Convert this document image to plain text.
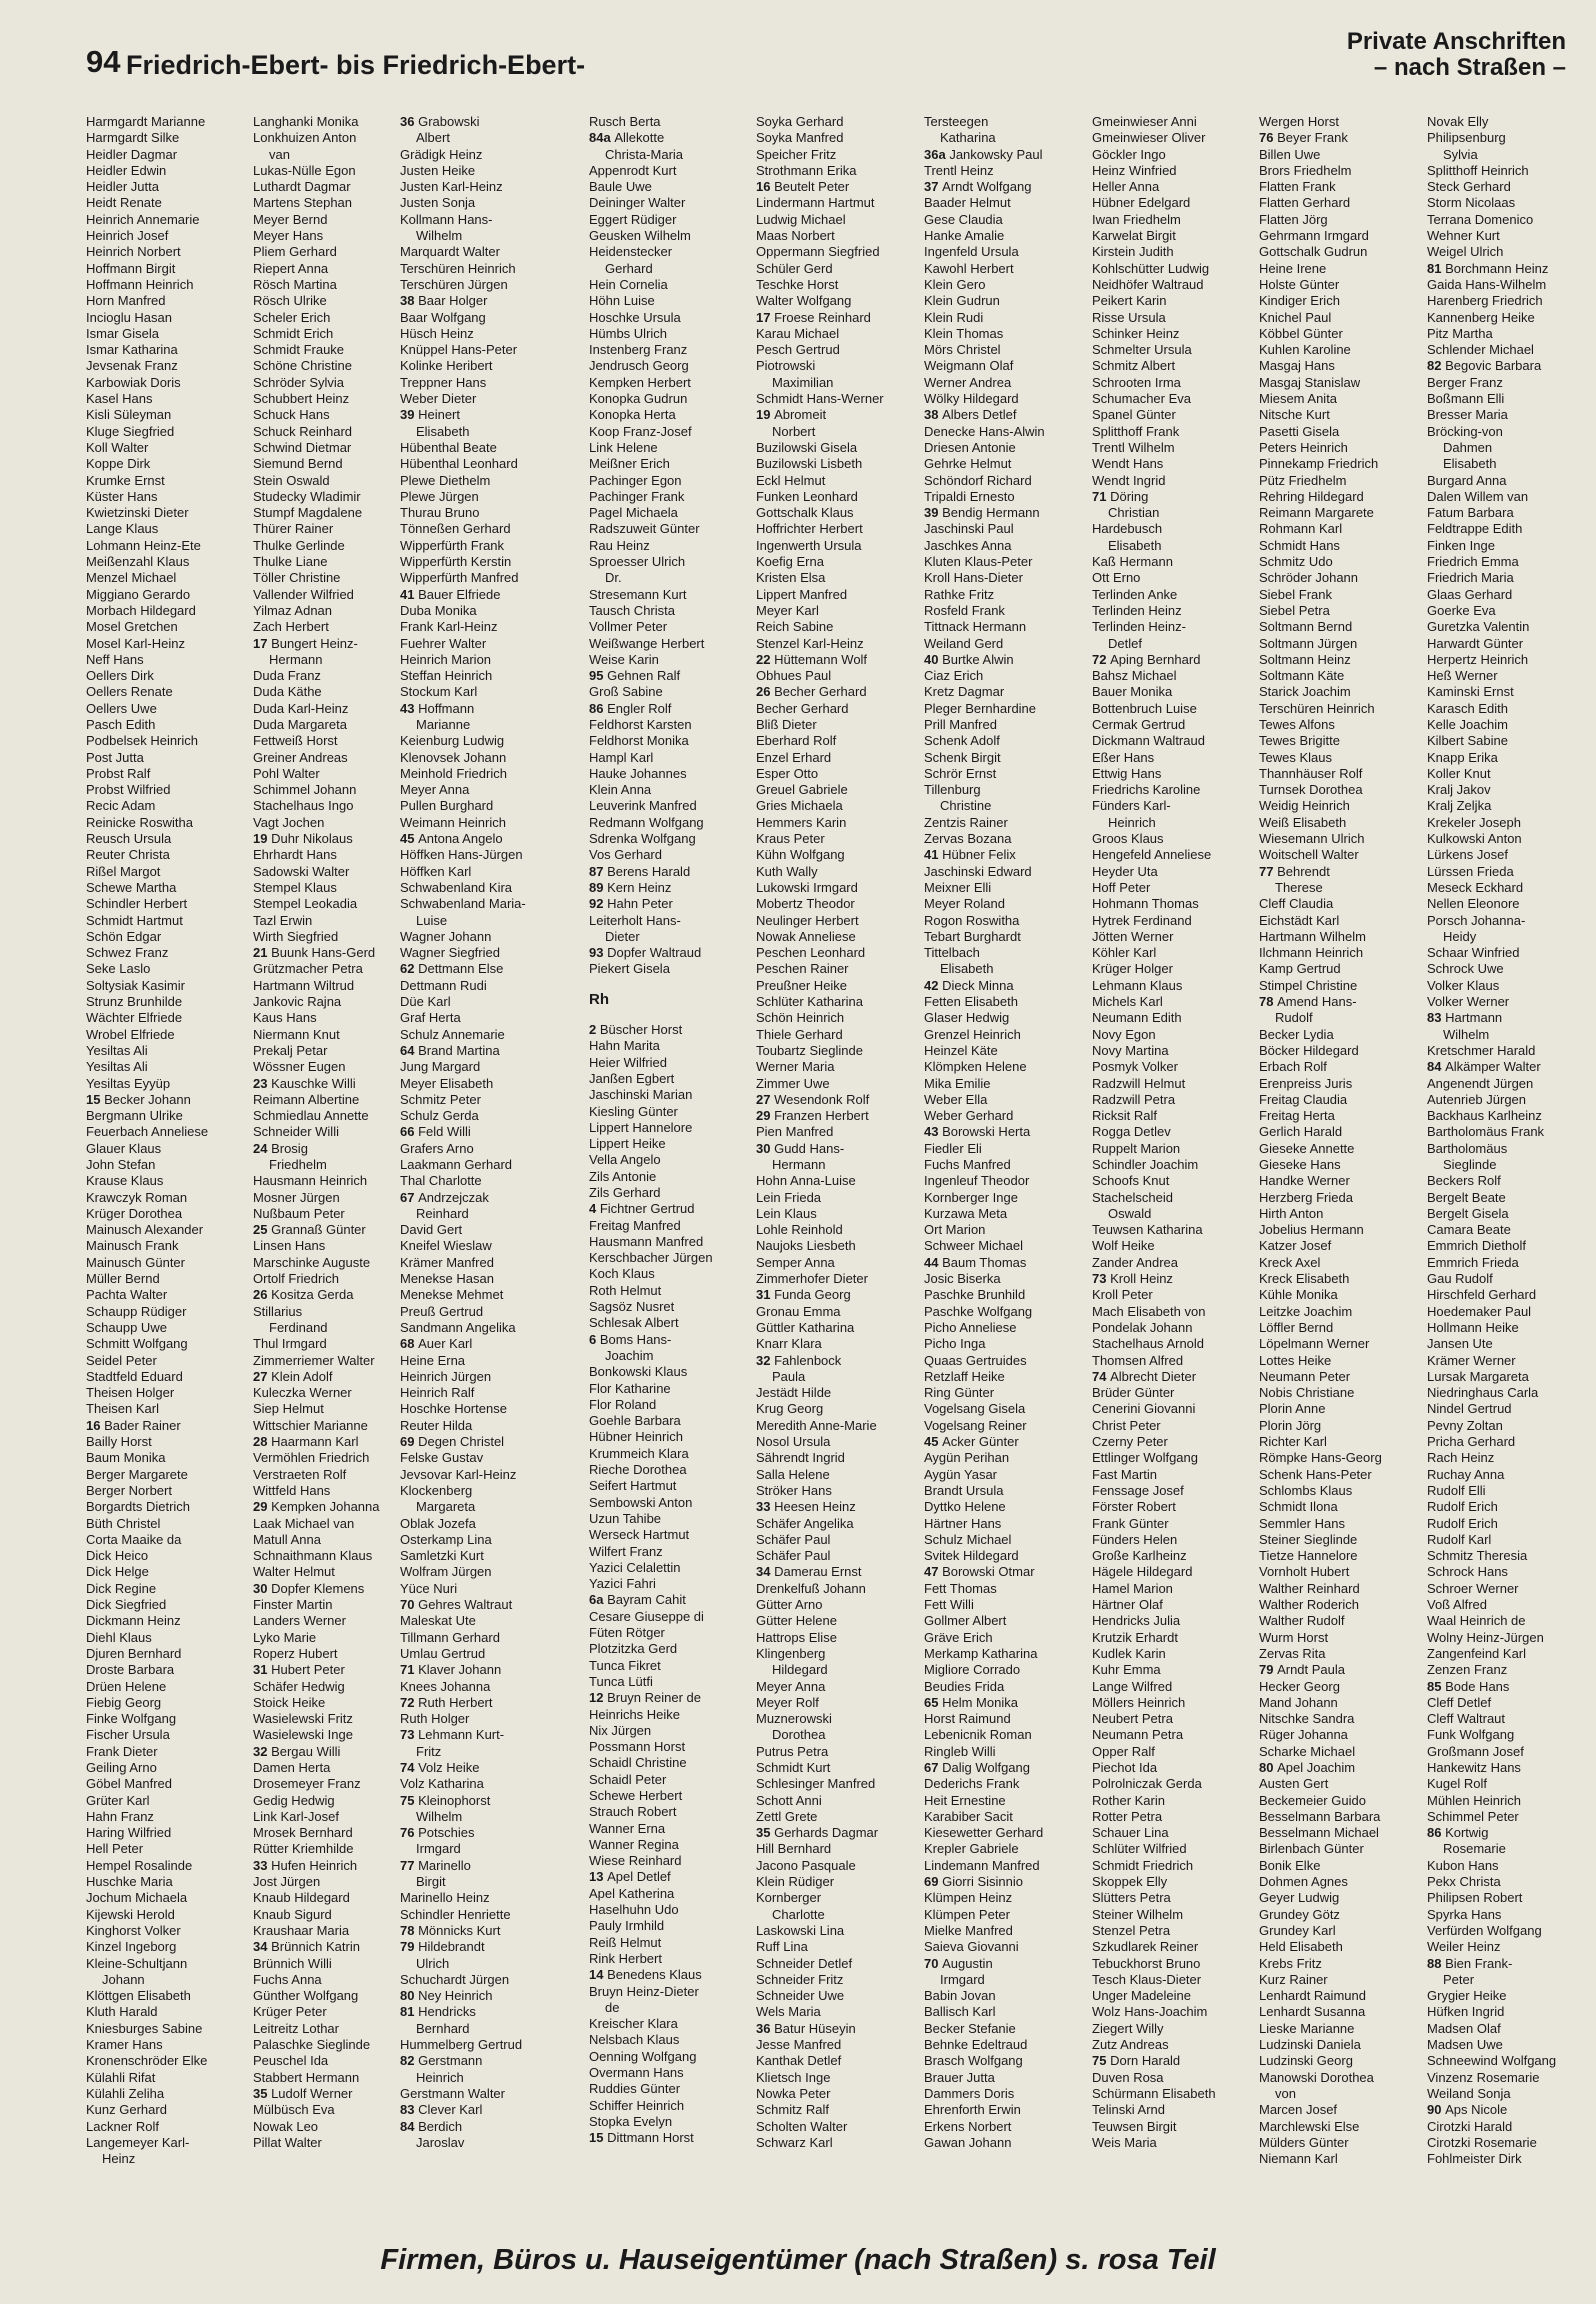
94 Friedrich-Ebert- bis Friedrich-Ebert-
Private Anschriften
– nach Straßen –
Harmgardt Marianne
Harmgardt Silke
Heidler Dagmar
Heidler Edwin
Heidler Jutta
Heidt Renate
Heinrich Annemarie
Heinrich Josef
Heinrich Norbert
Hoffmann Birgit
Hoffmann Heinrich
Horn Manfred
Incioglu Hasan
Ismar Gisela
Ismar Katharina
Jevsenak Franz
Karbowiak Doris
Kasel Hans
Kisli Süleyman
Kluge Siegfried
Koll Walter
Koppe Dirk
Krumke Ernst
Küster Hans
Kwietzinski Dieter
Lange Klaus
Lohmann Heinz-Ete
Meißenzahl Klaus
Menzel Michael
Miggiano Gerardo
Morbach Hildegard
Mosel Gretchen
Mosel Karl-Heinz
Neff Hans
Oellers Dirk
Oellers Renate
Oellers Uwe
Pasch Edith
Podbelsek Heinrich
Post Jutta
Probst Ralf
Probst Wilfried
Recic Adam
Reinicke Roswitha
Reusch Ursula
Reuter Christa
Rißel Margot
Schewe Martha
Schindler Herbert
Schmidt Hartmut
Schön Edgar
Schwez Franz
Seke Laslo
Soltysiak Kasimir
Strunz Brunhilde
Wächter Elfriede
Wrobel Elfriede
Yesiltas Ali
Yesiltas Ali
Yesiltas Eyyüp
15 Becker Johann
Bergmann Ulrike
Feuerbach Anneliese
Glauer Klaus
John Stefan
Krause Klaus
Krawczyk Roman
Krüger Dorothea
Mainusch Alexander
Mainusch Frank
Mainusch Günter
Müller Bernd
Pachta Walter
Schaupp Rüdiger
Schaupp Uwe
Schmitt Wolfgang
Seidel Peter
Stadtfeld Eduard
Theisen Holger
Theisen Karl
16 Bader Rainer
Bailly Horst
Baum Monika
Berger Margarete
Berger Norbert
Borgardts Dietrich
Büth Christel
Corta Maaike da
Dick Heico
Dick Helge
Dick Regine
Dick Siegfried
Dickmann Heinz
Diehl Klaus
Djuren Bernhard
Droste Barbara
Drüen Helene
Fiebig Georg
Finke Wolfgang
Fischer Ursula
Frank Dieter
Geiling Arno
Göbel Manfred
Grüter Karl
Hahn Franz
Haring Wilfried
Hell Peter
Hempel Rosalinde
Huschke Maria
Jochum Michaela
Kijewski Herold
Kinghorst Volker
Kinzel Ingeborg
Kleine-Schultjann
Johann
Klöttgen Elisabeth
Kluth Harald
Kniesburges Sabine
Kramer Hans
Kronenschröder Elke
Külahli Rifat
Külahli Zeliha
Kunz Gerhard
Lackner Rolf
Langemeyer Karl-
Heinz
Langhanki Monika
Lonkhuizen Anton
van
Lukas-Nülle Egon
Luthardt Dagmar
Martens Stephan
Meyer Bernd
Meyer Hans
Pliem Gerhard
Riepert Anna
Rösch Martina
Rösch Ulrike
Scheler Erich
Schmidt Erich
Schmidt Frauke
Schöne Christine
Schröder Sylvia
Schubbert Heinz
Schuck Hans
Schuck Reinhard
Schwind Dietmar
Siemund Bernd
Stein Oswald
Studecky Wladimir
Stumpf Magdalene
Thürer Rainer
Thulke Gerlinde
Thulke Liane
Töller Christine
Vallender Wilfried
Yilmaz Adnan
Zach Herbert
17 Bungert Heinz-
Hermann
Duda Franz
Duda Käthe
Duda Karl-Heinz
Duda Margareta
Fettweiß Horst
Greiner Andreas
Pohl Walter
Schimmel Johann
Stachelhaus Ingo
Vagt Jochen
19 Duhr Nikolaus
Ehrhardt Hans
Sadowski Walter
Stempel Klaus
Stempel Leokadia
Tazl Erwin
Wirth Siegfried
21 Buunk Hans-Gerd
Grützmacher Petra
Hartmann Wiltrud
Jankovic Rajna
Kaus Hans
Niermann Knut
Prekalj Petar
Wössner Eugen
23 Kauschke Willi
Reimann Albertine
Schmiedlau Annette
Schneider Willi
24 Brosig
Friedhelm
Hausmann Heinrich
Mosner Jürgen
Nußbaum Peter
25 Grannaß Günter
Linsen Hans
Marschinke Auguste
Ortolf Friedrich
26 Kositza Gerda
Stillarius
Ferdinand
Thul Irmgard
Zimmerriemer Walter
27 Klein Adolf
Kuleczka Werner
Siep Helmut
Wittschier Marianne
28 Haarmann Karl
Vermöhlen Friedrich
Verstraeten Rolf
Wittfeld Hans
29 Kempken Johanna
Laak Michael van
Matull Anna
Schnaithmann Klaus
Walter Helmut
30 Dopfer Klemens
Finster Martin
Landers Werner
Lyko Marie
Roperz Hubert
31 Hubert Peter
Schäfer Hedwig
Stoick Heike
Wasielewski Fritz
Wasielewski Inge
32 Bergau Willi
Damen Herta
Drosemeyer Franz
Gedig Hedwig
Link Karl-Josef
Mrosek Bernhard
Rütter Kriemhilde
33 Hufen Heinrich
Jost Jürgen
Knaub Hildegard
Knaub Sigurd
Kraushaar Maria
34 Brünnich Katrin
Brünnich Willi
Fuchs Anna
Günther Wolfgang
Krüger Peter
Leitreitz Lothar
Palaschke Sieglinde
Peuschel Ida
Stabbert Hermann
35 Ludolf Werner
Mülbüsch Eva
Nowak Leo
Pillat Walter
36 Grabowski
Albert
Grädigk Heinz
Justen Heike
Justen Karl-Heinz
Justen Sonja
Kollmann Hans-
Wilhelm
Marquardt Walter
Terschüren Heinrich
Terschüren Jürgen
38 Baar Holger
Baar Wolfgang
Hüsch Heinz
Knüppel Hans-Peter
Kolinke Heribert
Treppner Hans
Weber Dieter
39 Heinert
Elisabeth
Hübenthal Beate
Hübenthal Leonhard
Plewe Diethelm
Plewe Jürgen
Thurau Bruno
Tönneßen Gerhard
Wipperfürth Frank
Wipperfürth Kerstin
Wipperfürth Manfred
41 Bauer Elfriede
Duba Monika
Frank Karl-Heinz
Fuehrer Walter
Heinrich Marion
Steffan Heinrich
Stockum Karl
43 Hoffmann
Marianne
Keienburg Ludwig
Klenovsek Johann
Meinhold Friedrich
Meyer Anna
Pullen Burghard
Weimann Heinrich
45 Antona Angelo
Höffken Hans-Jürgen
Höffken Karl
Schwabenland Kira
Schwabenland Maria-
Luise
Wagner Johann
Wagner Siegfried
62 Dettmann Else
Dettmann Rudi
Düe Karl
Graf Herta
Schulz Annemarie
64 Brand Martina
Jung Margard
Meyer Elisabeth
Schmitz Peter
Schulz Gerda
66 Feld Willi
Grafers Arno
Laakmann Gerhard
Thal Charlotte
67 Andrzejczak
Reinhard
David Gert
Kneifel Wieslaw
Krämer Manfred
Menekse Hasan
Menekse Mehmet
Preuß Gertrud
Sandmann Angelika
68 Auer Karl
Heine Erna
Heinrich Jürgen
Heinrich Ralf
Hoschke Hortense
Reuter Hilda
69 Degen Christel
Felske Gustav
Jevsovar Karl-Heinz
Klockenberg
Margareta
Oblak Jozefa
Osterkamp Lina
Samletzki Kurt
Wolfram Jürgen
Yüce Nuri
70 Gehres Waltraut
Maleskat Ute
Tillmann Gerhard
Umlau Gertrud
71 Klaver Johann
Knees Johanna
72 Ruth Herbert
Ruth Holger
73 Lehmann Kurt-
Fritz
74 Volz Heike
Volz Katharina
75 Kleinophorst
Wilhelm
76 Potschies
Irmgard
77 Marinello
Birgit
Marinello Heinz
Schindler Henriette
78 Mönnicks Kurt
79 Hildebrandt
Ulrich
Schuchardt Jürgen
80 Ney Heinrich
81 Hendricks
Bernhard
Hummelberg Gertrud
82 Gerstmann
Heinrich
Gerstmann Walter
83 Clever Karl
84 Berdich
Jaroslav
Rusch Berta
84a Allekotte
Christa-Maria
Appenrodt Kurt
Baule Uwe
Deininger Walter
Eggert Rüdiger
Geusken Wilhelm
Heidenstecker
Gerhard
Hein Cornelia
Höhn Luise
Hoschke Ursula
Hümbs Ulrich
Instenberg Franz
Jendrusch Georg
Kempken Herbert
Konopka Gudrun
Konopka Herta
Koop Franz-Josef
Link Helene
Meißner Erich
Pachinger Egon
Pachinger Frank
Pagel Michaela
Radszuweit Günter
Rau Heinz
Sproesser Ulrich
Dr.
Stresemann Kurt
Tausch Christa
Vollmer Peter
Weißwange Herbert
Weise Karin
95 Gehnen Ralf
Groß Sabine
86 Engler Rolf
Feldhorst Karsten
Feldhorst Monika
Hampl Karl
Hauke Johannes
Klein Anna
Leuverink Manfred
Redmann Wolfgang
Sdrenka Wolfgang
Vos Gerhard
87 Berens Harald
89 Kern Heinz
92 Hahn Peter
Leiterholt Hans-
Dieter
93 Dopfer Waltraud
Piekert Gisela
Rh
2 Büscher Horst
Hahn Marita
Heier Wilfried
Janßen Egbert
Jaschinski Marian
Kiesling Günter
Lippert Hannelore
Lippert Heike
Vella Angelo
Zils Antonie
Zils Gerhard
4 Fichtner Gertrud
Freitag Manfred
Hausmann Manfred
Kerschbacher Jürgen
Koch Klaus
Roth Helmut
Sagsöz Nusret
Schlesak Albert
6 Boms Hans-
Joachim
Bonkowski Klaus
Flor Katharine
Flor Roland
Goehle Barbara
Hübner Heinrich
Krummeich Klara
Rieche Dorothea
Seifert Hartmut
Sembowski Anton
Uzun Tahibe
Werseck Hartmut
Wilfert Franz
Yazici Celalettin
Yazici Fahri
6a Bayram Cahit
Cesare Giuseppe di
Füten Rötger
Plotzitzka Gerd
Tunca Fikret
Tunca Lütfi
12 Bruyn Reiner de
Heinrichs Heike
Nix Jürgen
Possmann Horst
Schaidl Christine
Schaidl Peter
Schewe Herbert
Strauch Robert
Wanner Erna
Wanner Regina
Wiese Reinhard
13 Apel Detlef
Apel Katherina
Haselhuhn Udo
Pauly Irmhild
Reiß Helmut
Rink Herbert
14 Benedens Klaus
Bruyn Heinz-Dieter
de
Kreischer Klara
Nelsbach Klaus
Oenning Wolfgang
Overmann Hans
Ruddies Günter
Schiffer Heinrich
Stopka Evelyn
15 Dittmann Horst
Soyka Gerhard
Soyka Manfred
Speicher Fritz
Strothmann Erika
16 Beutelt Peter
Lindermann Hartmut
Ludwig Michael
Maas Norbert
Oppermann Siegfried
Schüler Gerd
Teschke Horst
Walter Wolfgang
17 Froese Reinhard
Karau Michael
Pesch Gertrud
Piotrowski
Maximilian
Schmidt Hans-Werner
19 Abromeit
Norbert
Buzilowski Gisela
Buzilowski Lisbeth
Eckl Helmut
Funken Leonhard
Gottschalk Klaus
Hoffrichter Herbert
Ingenwerth Ursula
Koefig Erna
Kristen Elsa
Lippert Manfred
Meyer Karl
Reich Sabine
Stenzel Karl-Heinz
22 Hüttemann Wolf
Obhues Paul
26 Becher Gerhard
Becher Gerhard
Bliß Dieter
Eberhard Rolf
Enzel Erhard
Esper Otto
Greuel Gabriele
Gries Michaela
Hemmers Karin
Kraus Peter
Kühn Wolfgang
Kuth Wally
Lukowski Irmgard
Mobertz Theodor
Neulinger Herbert
Nowak Anneliese
Peschen Leonhard
Peschen Rainer
Preußner Heike
Schlüter Katharina
Schön Heinrich
Thiele Gerhard
Toubartz Sieglinde
Werner Maria
Zimmer Uwe
27 Wesendonk Rolf
29 Franzen Herbert
Pien Manfred
30 Gudd Hans-
Hermann
Hohn Anna-Luise
Lein Frieda
Lein Klaus
Lohle Reinhold
Naujoks Liesbeth
Semper Anna
Zimmerhofer Dieter
31 Funda Georg
Gronau Emma
Güttler Katharina
Knarr Klara
32 Fahlenbock
Paula
Jestädt Hilde
Krug Georg
Meredith Anne-Marie
Nosol Ursula
Sährendt Ingrid
Salla Helene
Ströker Hans
33 Heesen Heinz
Schäfer Angelika
Schäfer Paul
Schäfer Paul
34 Damerau Ernst
Drenkelfuß Johann
Gütter Arno
Gütter Helene
Hattrops Elise
Klingenberg
Hildegard
Meyer Anna
Meyer Rolf
Muznerowski
Dorothea
Putrus Petra
Schmidt Kurt
Schlesinger Manfred
Schott Anni
Zettl Grete
35 Gerhards Dagmar
Hill Bernhard
Jacono Pasquale
Klein Rüdiger
Kornberger
Charlotte
Laskowski Lina
Ruff Lina
Schneider Detlef
Schneider Fritz
Schneider Uwe
Wels Maria
36 Batur Hüseyin
Jesse Manfred
Kanthak Detlef
Klietsch Inge
Nowka Peter
Schmitz Ralf
Scholten Walter
Schwarz Karl
Tersteegen
Katharina
36a Jankowsky Paul
Trentl Heinz
37 Arndt Wolfgang
Baader Helmut
Gese Claudia
Hanke Amalie
Ingenfeld Ursula
Kawohl Herbert
Klein Gero
Klein Gudrun
Klein Rudi
Klein Thomas
Mörs Christel
Weigmann Olaf
Werner Andrea
Wölky Hildegard
38 Albers Detlef
Denecke Hans-Alwin
Driesen Antonie
Gehrke Helmut
Schöndorf Richard
Tripaldi Ernesto
39 Bendig Hermann
Jaschinski Paul
Jaschkes Anna
Kluten Klaus-Peter
Kroll Hans-Dieter
Rathke Fritz
Rosfeld Frank
Tittnack Hermann
Weiland Gerd
40 Burtke Alwin
Ciaz Erich
Kretz Dagmar
Pleger Bernhardine
Prill Manfred
Schenk Adolf
Schenk Birgit
Schrör Ernst
Tillenburg
Christine
Zentzis Rainer
Zervas Bozana
41 Hübner Felix
Jaschinski Edward
Meixner Elli
Meyer Roland
Rogon Roswitha
Tebart Burghardt
Tittelbach
Elisabeth
42 Dieck Minna
Fetten Elisabeth
Glaser Hedwig
Grenzel Heinrich
Heinzel Käte
Klömpken Helene
Mika Emilie
Weber Ella
Weber Gerhard
43 Borowski Herta
Fiedler Eli
Fuchs Manfred
Ingenleuf Theodor
Kornberger Inge
Kurzawa Meta
Ort Marion
Schweer Michael
44 Baum Thomas
Josic Biserka
Paschke Brunhild
Paschke Wolfgang
Picho Anneliese
Picho Inga
Quaas Gertruides
Retzlaff Heike
Ring Günter
Vogelsang Gisela
Vogelsang Reiner
45 Acker Günter
Aygün Perihan
Aygün Yasar
Brandt Ursula
Dyttko Helene
Härtner Hans
Schulz Michael
Svitek Hildegard
47 Borowski Otmar
Fett Thomas
Fett Willi
Gollmer Albert
Gräve Erich
Merkamp Katharina
Migliore Corrado
Beudies Frida
65 Helm Monika
Horst Raimund
Lebenicnik Roman
Ringleb Willi
67 Dalig Wolfgang
Dederichs Frank
Heit Ernestine
Karabiber Sacit
Kiesewetter Gerhard
Krepler Gabriele
Lindemann Manfred
69 Giorri Sisinnio
Klümpen Heinz
Klümpen Peter
Mielke Manfred
Saieva Giovanni
70 Augustin
Irmgard
Babin Jovan
Ballisch Karl
Becker Stefanie
Behnke Edeltraud
Brasch Wolfgang
Brauer Jutta
Dammers Doris
Ehrenforth Erwin
Erkens Norbert
Gawan Johann
Gmeinwieser Anni
Gmeinwieser Oliver
Göckler Ingo
Heinz Winfried
Heller Anna
Hübner Edelgard
Iwan Friedhelm
Karwelat Birgit
Kirstein Judith
Kohlschütter Ludwig
Neidhöfer Waltraud
Peikert Karin
Risse Ursula
Schinker Heinz
Schmelter Ursula
Schmitz Albert
Schrooten Irma
Schumacher Eva
Spanel Günter
Splitthoff Frank
Trentl Wilhelm
Wendt Hans
Wendt Ingrid
71 Döring
Christian
Hardebusch
Elisabeth
Kaß Hermann
Ott Erno
Terlinden Anke
Terlinden Heinz
Terlinden Heinz-
Detlef
72 Aping Bernhard
Bahsz Michael
Bauer Monika
Bottenbruch Luise
Cermak Gertrud
Dickmann Waltraud
Eßer Hans
Ettwig Hans
Friedrichs Karoline
Fünders Karl-
Heinrich
Groos Klaus
Hengefeld Anneliese
Heyder Uta
Hoff Peter
Hohmann Thomas
Hytrek Ferdinand
Jötten Werner
Köhler Karl
Krüger Holger
Lehmann Klaus
Michels Karl
Neumann Edith
Novy Egon
Novy Martina
Posmyk Volker
Radzwill Helmut
Radzwill Petra
Ricksit Ralf
Rogga Detlev
Ruppelt Marion
Schindler Joachim
Schoofs Knut
Stachelscheid
Oswald
Teuwsen Katharina
Wolf Heike
Zander Andrea
73 Kroll Heinz
Kroll Peter
Mach Elisabeth von
Pondelak Johann
Stachelhaus Arnold
Thomsen Alfred
74 Albrecht Dieter
Brüder Günter
Cenerini Giovanni
Christ Peter
Czerny Peter
Ettlinger Wolfgang
Fast Martin
Fenssage Josef
Förster Robert
Frank Günter
Fünders Helen
Große Karlheinz
Hägele Hildegard
Hamel Marion
Härtner Olaf
Hendricks Julia
Krutzik Erhardt
Kudlek Karin
Kuhr Emma
Lange Wilfred
Möllers Heinrich
Neubert Petra
Neumann Petra
Opper Ralf
Piechot Ida
Polrolniczak Gerda
Rother Karin
Rotter Petra
Schauer Lina
Schlüter Wilfried
Schmidt Friedrich
Skoppek Elly
Slütters Petra
Steiner Wilhelm
Stenzel Petra
Szkudlarek Reiner
Tebuckhorst Bruno
Tesch Klaus-Dieter
Unger Madeleine
Wolz Hans-Joachim
Ziegert Willy
Zutz Andreas
75 Dorn Harald
Duven Rosa
Schürmann Elisabeth
Telinski Arnd
Teuwsen Birgit
Weis Maria
Wergen Horst
76 Beyer Frank
Billen Uwe
Brors Friedhelm
Flatten Frank
Flatten Gerhard
Flatten Jörg
Gehrmann Irmgard
Gottschalk Gudrun
Heine Irene
Holste Günter
Kindiger Erich
Knichel Paul
Köbbel Günter
Kuhlen Karoline
Masgaj Hans
Masgaj Stanislaw
Miesem Anita
Nitsche Kurt
Pasetti Gisela
Peters Heinrich
Pinnekamp Friedrich
Pütz Friedhelm
Rehring Hildegard
Reimann Margarete
Rohmann Karl
Schmidt Hans
Schmitz Udo
Schröder Johann
Siebel Frank
Siebel Petra
Soltmann Bernd
Soltmann Jürgen
Soltmann Heinz
Soltmann Käte
Starick Joachim
Terschüren Heinrich
Tewes Alfons
Tewes Brigitte
Tewes Klaus
Thannhäuser Rolf
Turnsek Dorothea
Weidig Heinrich
Weiß Elisabeth
Wiesemann Ulrich
Woitschell Walter
77 Behrendt
Therese
Cleff Claudia
Eichstädt Karl
Hartmann Wilhelm
Ilchmann Heinrich
Kamp Gertrud
Stimpel Christine
78 Amend Hans-
Rudolf
Becker Lydia
Böcker Hildegard
Erbach Rolf
Erenpreiss Juris
Freitag Claudia
Freitag Herta
Gerlich Harald
Gieseke Annette
Gieseke Hans
Handke Werner
Herzberg Frieda
Hirth Anton
Jobelius Hermann
Katzer Josef
Kreck Axel
Kreck Elisabeth
Kühle Monika
Leitzke Joachim
Löffler Bernd
Löpelmann Werner
Lottes Heike
Neumann Peter
Nobis Christiane
Plorin Anne
Plorin Jörg
Richter Karl
Römpke Hans-Georg
Schenk Hans-Peter
Schlombs Klaus
Schmidt Ilona
Semmler Hans
Steiner Sieglinde
Tietze Hannelore
Vornholt Hubert
Walther Reinhard
Walther Roderich
Walther Rudolf
Wurm Horst
Zervas Rita
79 Arndt Paula
Hecker Georg
Mand Johann
Nitschke Sandra
Rüger Johanna
Scharke Michael
80 Apel Joachim
Austen Gert
Beckemeier Guido
Besselmann Barbara
Besselmann Michael
Birlenbach Günter
Bonik Elke
Dohmen Agnes
Geyer Ludwig
Grundey Götz
Grundey Karl
Held Elisabeth
Krebs Fritz
Kurz Rainer
Lenhardt Raimund
Lenhardt Susanna
Lieske Marianne
Ludzinski Daniela
Ludzinski Georg
Manowski Dorothea
von
Marcen Josef
Marchlewski Else
Mülders Günter
Niemann Karl
Novak Elly
Philipsenburg
Sylvia
Splitthoff Heinrich
Steck Gerhard
Storm Nicolaas
Terrana Domenico
Wehner Kurt
Weigel Ulrich
81 Borchmann Heinz
Gaida Hans-Wilhelm
Harenberg Friedrich
Kannenberg Heike
Pitz Martha
Schlender Michael
82 Begovic Barbara
Berger Franz
Boßmann Elli
Bresser Maria
Bröcking-von
Dahmen
Elisabeth
Burgard Anna
Dalen Willem van
Fatum Barbara
Feldtrappe Edith
Finken Inge
Friedrich Emma
Friedrich Maria
Glaas Gerhard
Goerke Eva
Guretzka Valentin
Harwardt Günter
Herpertz Heinrich
Heß Werner
Kaminski Ernst
Karasch Edith
Kelle Joachim
Kilbert Sabine
Knapp Erika
Koller Knut
Kralj Jakov
Kralj Zeljka
Krekeler Joseph
Kulkowski Anton
Lürkens Josef
Lürssen Frieda
Meseck Eckhard
Nellen Eleonore
Porsch Johanna-
Heidy
Schaar Winfried
Schrock Uwe
Volker Klaus
Volker Werner
83 Hartmann
Wilhelm
Kretschmer Harald
84 Alkämper Walter
Angenendt Jürgen
Autenrieb Jürgen
Backhaus Karlheinz
Bartholomäus Frank
Bartholomäus
Sieglinde
Beckers Rolf
Bergelt Beate
Bergelt Gisela
Camara Beate
Emmrich Dietholf
Emmrich Frieda
Gau Rudolf
Hirschfeld Gerhard
Hoedemaker Paul
Hollmann Heike
Jansen Ute
Krämer Werner
Lursak Margareta
Niedringhaus Carla
Nindel Gertrud
Pevny Zoltan
Pricha Gerhard
Rach Heinz
Ruchay Anna
Rudolf Elli
Rudolf Erich
Rudolf Erich
Rudolf Karl
Schmitz Theresia
Schrock Hans
Schroer Werner
Voß Alfred
Waal Heinrich de
Wolny Heinz-Jürgen
Zangenfeind Karl
Zenzen Franz
85 Bode Hans
Cleff Detlef
Cleff Waltraut
Funk Wolfgang
Großmann Josef
Hankewitz Hans
Kugel Rolf
Mühlen Heinrich
Schimmel Peter
86 Kortwig
Rosemarie
Kubon Hans
Pekx Christa
Philipsen Robert
Spyrka Hans
Verfürden Wolfgang
Weiler Heinz
88 Bien Frank-
Peter
Grygier Heike
Hüfken Ingrid
Madsen Olaf
Madsen Uwe
Schneewind Wolfgang
Vinzenz Rosemarie
Weiland Sonja
90 Aps Nicole
Cirotzki Harald
Cirotzki Rosemarie
Fohlmeister Dirk
Firmen, Büros u. Hauseigentümer (nach Straßen) s. rosa Teil
